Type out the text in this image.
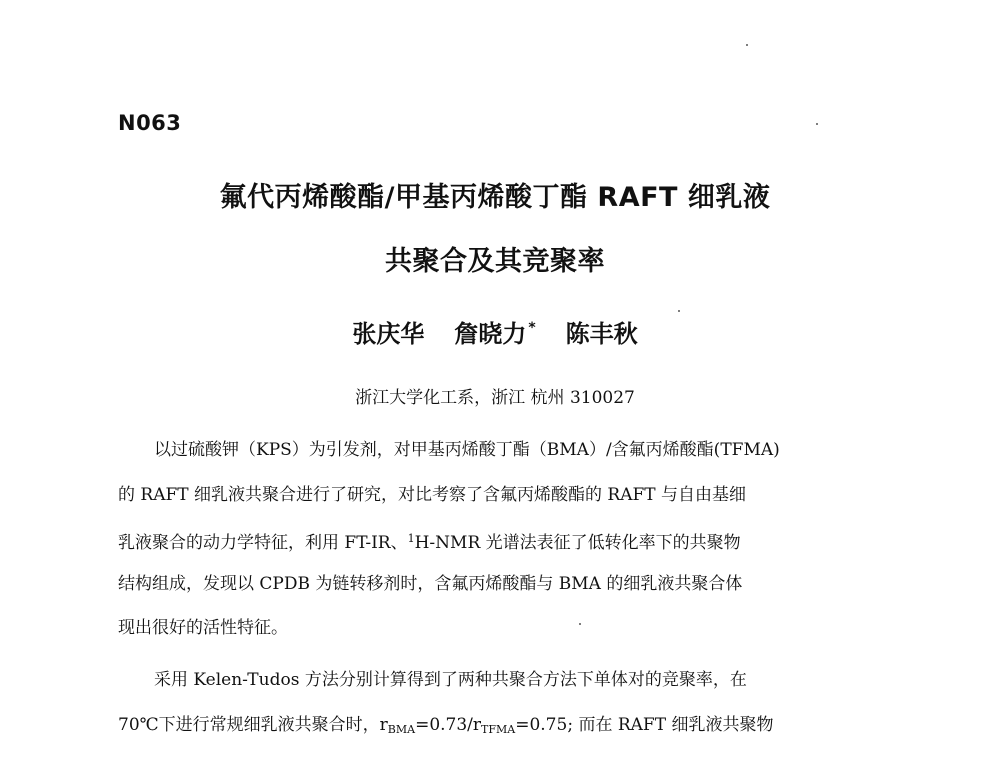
N063
氟代丙烯酸酯/甲基丙烯酸丁酯 RAFT 细乳液
共聚合及其竞聚率
张庆华 詹晓力 * 陈丰秋
浙江大学化工系，浙江 杭州 310027
以过硫酸钾（KPS）为引发剂，对甲基丙烯酸丁酯（BMA）/含氟丙烯酸酯(TFMA)
的 RAFT 细乳液共聚合进行了研究，对比考察了含氟丙烯酸酯的 RAFT 与自由基细
乳液聚合的动力学特征，利用 FT-IR、$^1$H-NMR 光谱法表征了低转化率下的共聚物
结构组成，发现以 CPDB 为链转移剂时，含氟丙烯酸酯与 BMA 的细乳液共聚合体
现出很好的活性特征。
采用 Kelen-Tudos 方法分别计算得到了两种共聚合方法下单体对的竞聚率，在
70℃下进行常规细乳液共聚合时，$r_{BMA}=0.73/r_{TFMA}=0.75$; 而在 RAFT 细乳液共聚物
